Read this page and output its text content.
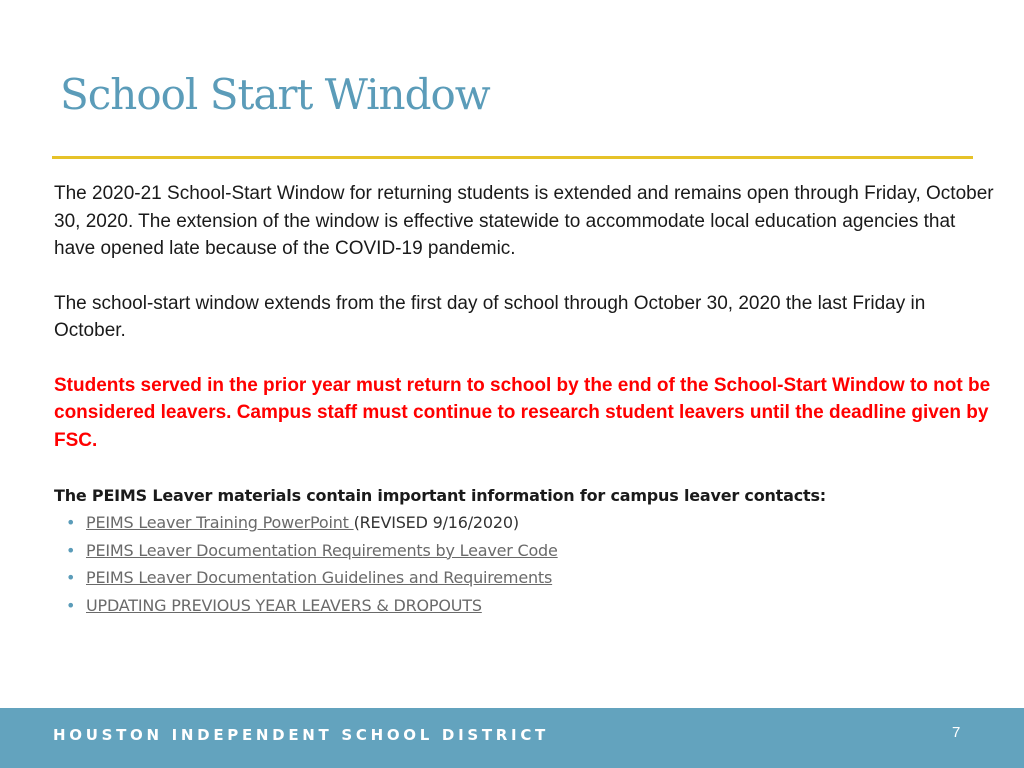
School Start Window

The 2020-21 School-Start Window for returning students is extended and remains open through Friday, October 30, 2020. The extension of the window is effective statewide to accommodate local education agencies that have opened late because of the COVID-19 pandemic.

The school-start window extends from the first day of school through October 30, 2020 the last Friday in October.

Students served in the prior year must return to school by the end of the School-Start Window to not be considered leavers. Campus staff must continue to research student leavers until the deadline given by FSC.

The PEIMS Leaver materials contain important information for campus leaver contacts:

• PEIMS Leaver Training PowerPoint (REVISED 9/16/2020)
• PEIMS Leaver Documentation Requirements by Leaver Code
• PEIMS Leaver Documentation Guidelines and Requirements
• UPDATING PREVIOUS YEAR LEAVERS & DROPOUTS
HOUSTON INDEPENDENT SCHOOL DISTRICT	7
